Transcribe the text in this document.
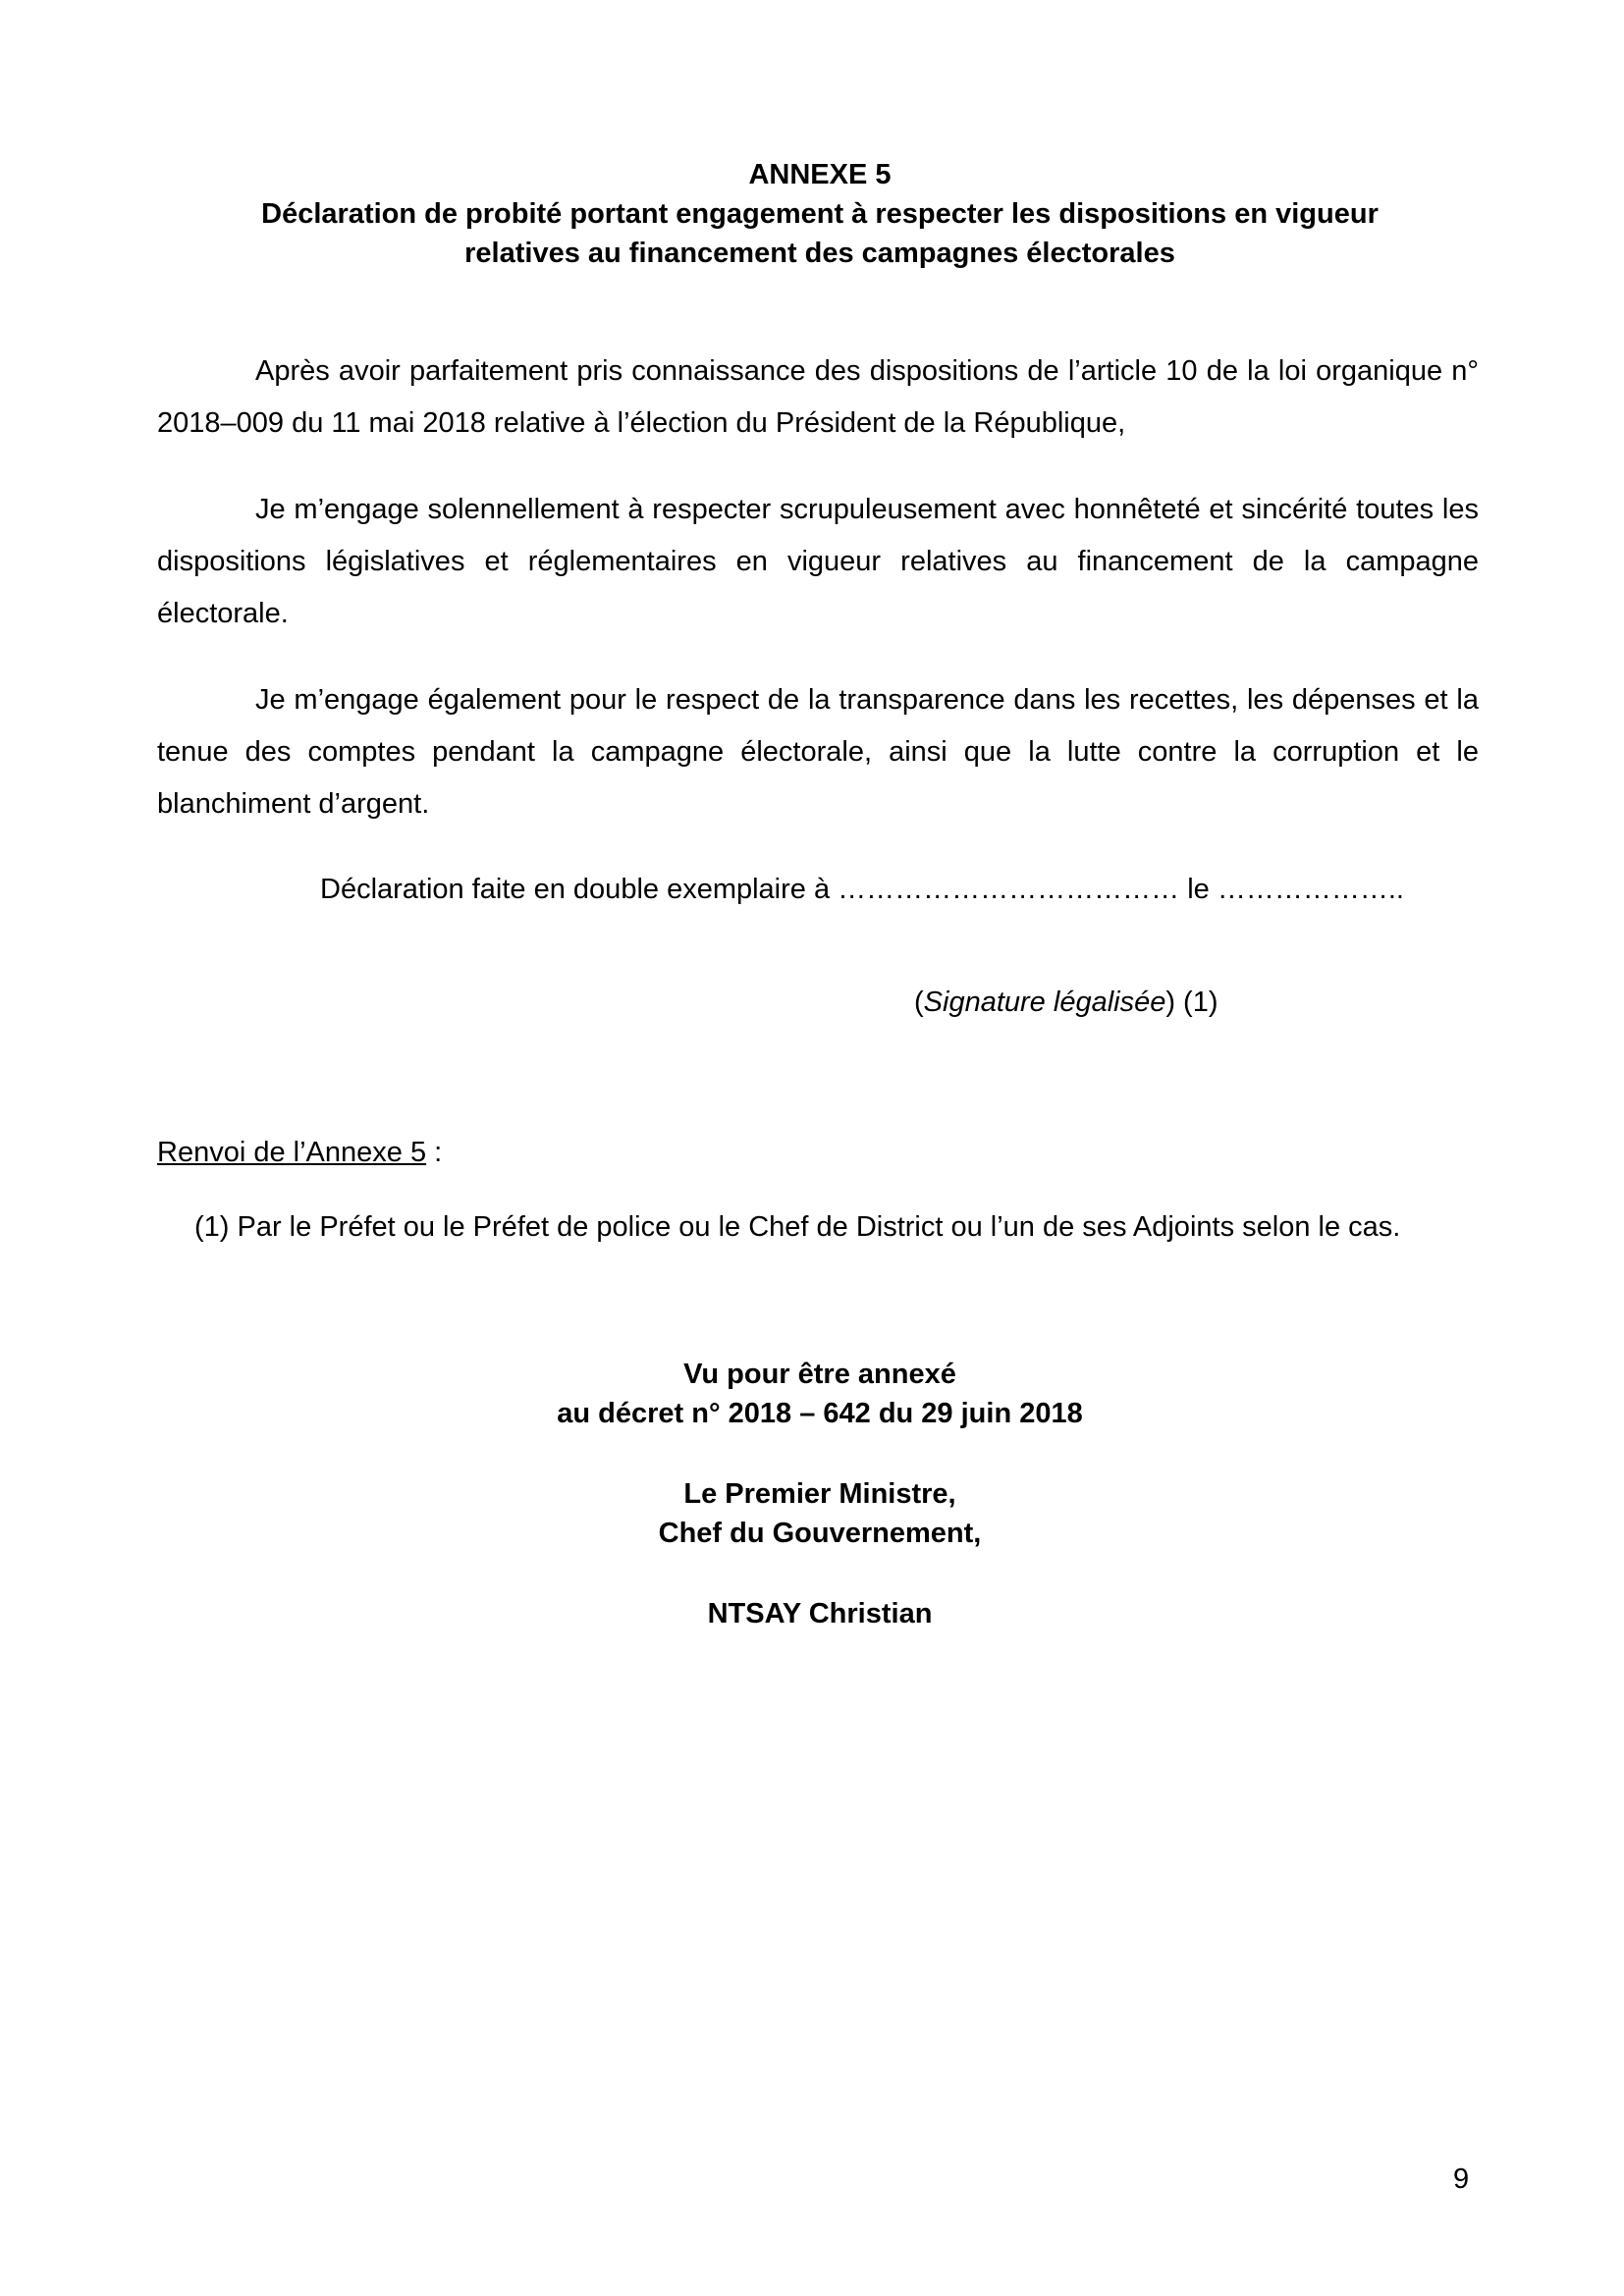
ANNEXE 5
Déclaration de probité portant engagement à respecter les dispositions en vigueur
relatives au financement des campagnes électorales

Après avoir parfaitement pris connaissance des dispositions de l’article 10 de la loi organique n° 2018–009 du 11 mai 2018 relative à l’élection du Président de la République,

Je m’engage solennellement à respecter scrupuleusement avec honnêteté et sincérité toutes les dispositions législatives et réglementaires en vigueur relatives au financement de la campagne électorale.

Je m’engage également pour le respect de la transparence dans les recettes, les dépenses et la tenue des comptes pendant la campagne électorale, ainsi que la lutte contre la corruption et le blanchiment d’argent.

Déclaration faite en double exemplaire à ……………………………… le ………………..
(Signature légalisée) (1)
Renvoi de l’Annexe 5 :
(1) Par le Préfet ou le Préfet de police ou le Chef de District ou l’un de ses Adjoints selon le cas.
Vu pour être annexé
au décret n° 2018 – 642 du 29 juin 2018
Le Premier Ministre,
Chef du Gouvernement,
NTSAY Christian
9
